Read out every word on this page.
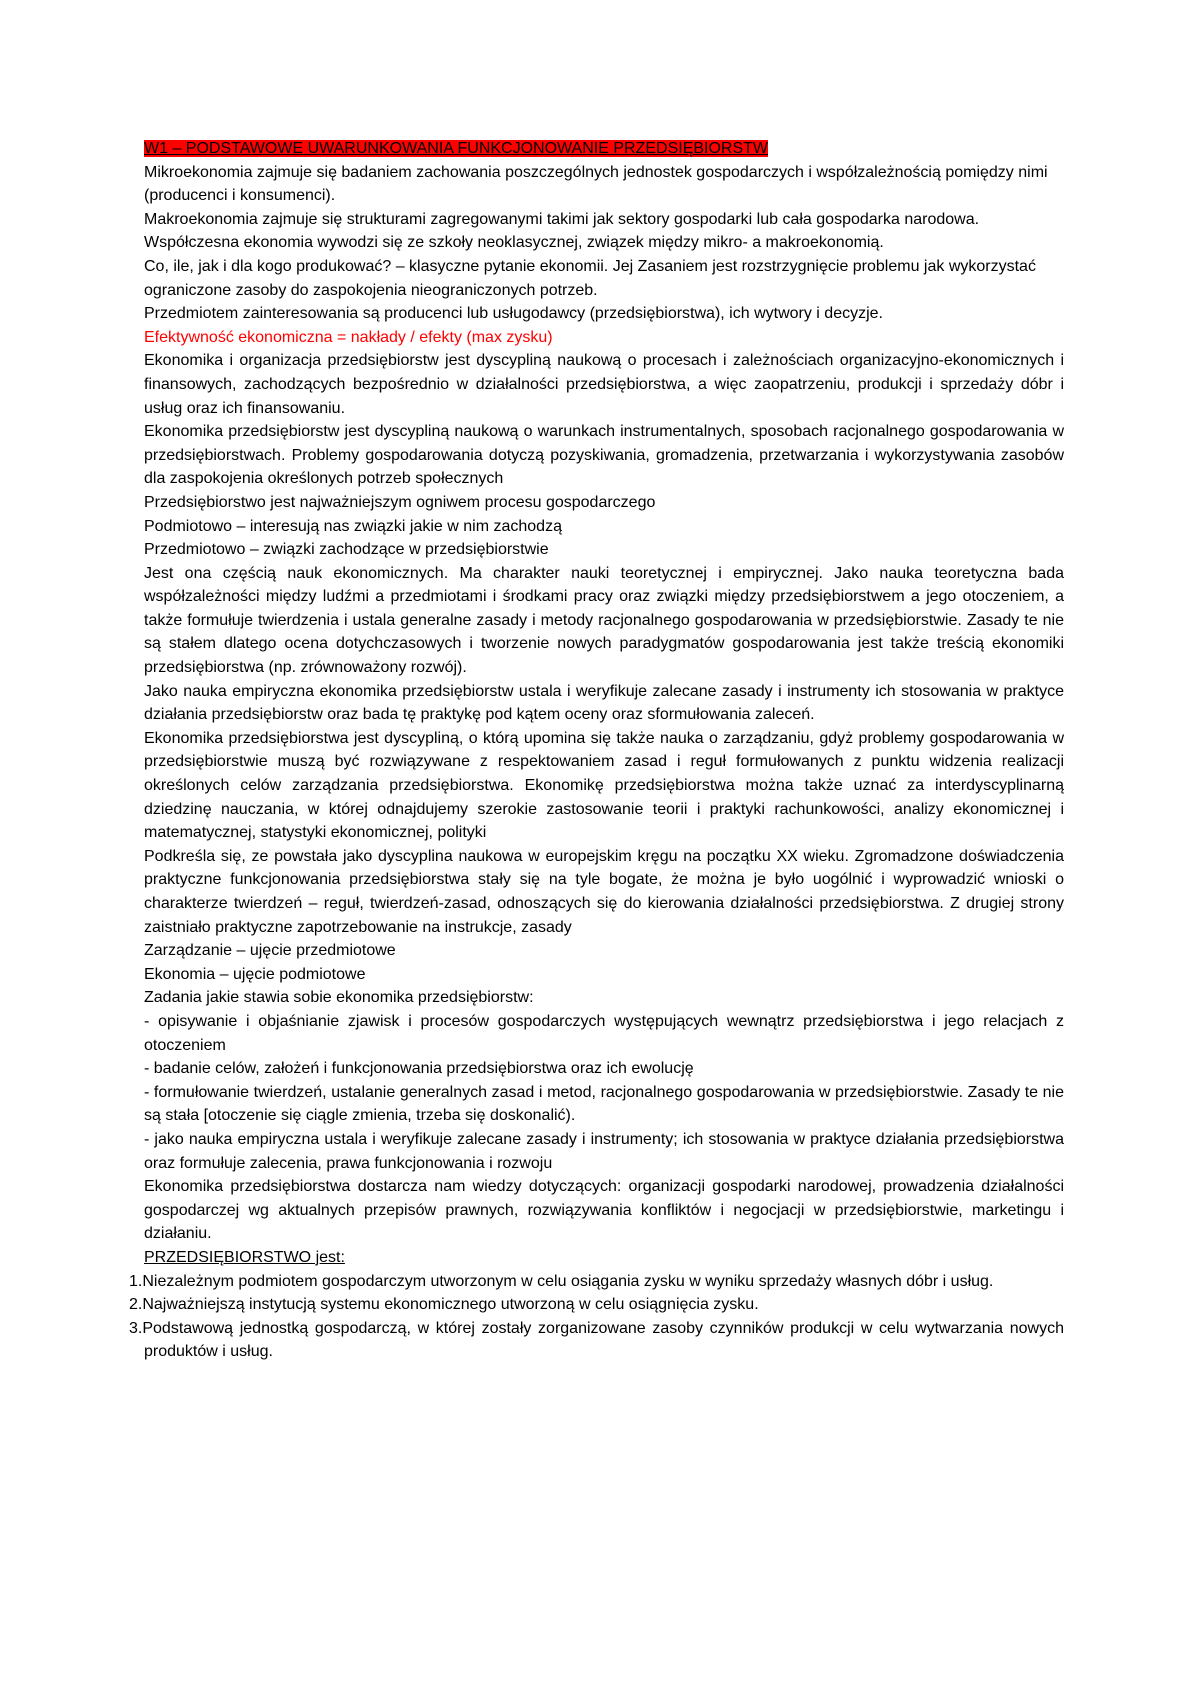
W1 – PODSTAWOWE UWARUNKOWANIA FUNKCJONOWANIE PRZEDSIĘBIORSTW

Mikroekonomia zajmuje się badaniem zachowania poszczególnych jednostek gospodarczych i współzależnością pomiędzy nimi (producenci i konsumenci).

Makroekonomia zajmuje się strukturami zagregowanymi takimi jak sektory gospodarki lub cała gospodarka narodowa.

Współczesna ekonomia wywodzi się ze szkoły neoklasycznej, związek między mikro- a makroekonomią.

Co, ile, jak i dla kogo produkować? – klasyczne pytanie ekonomii. Jej Zasaniem jest rozstrzygnięcie problemu jak wykorzystać ograniczone zasoby do zaspokojenia nieograniczonych potrzeb.

Przedmiotem zainteresowania są producenci lub usługodawcy (przedsiębiorstwa), ich wytwory i decyzje.

Efektywność ekonomiczna = nakłady / efekty (max zysku)

Ekonomika i organizacja przedsiębiorstw jest dyscypliną naukową o procesach i zależnościach organizacyjno-ekonomicznych i finansowych, zachodzących bezpośrednio w działalności przedsiębiorstwa, a więc zaopatrzeniu, produkcji i sprzedaży dóbr i usług oraz ich finansowaniu.

Ekonomika przedsiębiorstw jest dyscypliną naukową o warunkach instrumentalnych, sposobach racjonalnego gospodarowania w przedsiębiorstwach. Problemy gospodarowania dotyczą pozyskiwania, gromadzenia, przetwarzania i wykorzystywania zasobów dla zaspokojenia określonych potrzeb społecznych

Przedsiębiorstwo jest najważniejszym ogniwem procesu gospodarczego

Podmiotowo – interesują nas związki jakie w nim zachodzą

Przedmiotowo – związki zachodzące w przedsiębiorstwie

Jest ona częścią nauk ekonomicznych. Ma charakter nauki teoretycznej i empirycznej. Jako nauka teoretyczna bada współzależności między ludźmi a przedmiotami i środkami pracy oraz związki między przedsiębiorstwem a jego otoczeniem, a także formułuje twierdzenia i ustala generalne zasady i metody racjonalnego gospodarowania w przedsiębiorstwie. Zasady te nie są stałem dlatego ocena dotychczasowych i tworzenie nowych paradygmatów gospodarowania jest także treścią ekonomiki przedsiębiorstwa (np. zrównoważony rozwój).

Jako nauka empiryczna ekonomika przedsiębiorstw ustala i weryfikuje zalecane zasady i instrumenty ich stosowania w praktyce działania przedsiębiorstw oraz bada tę praktykę pod kątem oceny oraz sformułowania zaleceń.

Ekonomika przedsiębiorstwa jest dyscypliną, o którą upomina się także nauka o zarządzaniu, gdyż problemy gospodarowania w przedsiębiorstwie muszą być rozwiązywane z respektowaniem zasad i reguł formułowanych z punktu widzenia realizacji określonych celów zarządzania przedsiębiorstwa. Ekonomikę przedsiębiorstwa można także uznać za interdyscyplinarną dziedzinę nauczania, w której odnajdujemy szerokie zastosowanie teorii i praktyki rachunkowości, analizy ekonomicznej i matematycznej, statystyki ekonomicznej, polityki

Podkreśla się, ze powstała jako dyscyplina naukowa w europejskim kręgu na początku XX wieku. Zgromadzone doświadczenia praktyczne funkcjonowania przedsiębiorstwa stały się na tyle bogate, że można je było uogólnić i wyprowadzić wnioski o charakterze twierdzeń – reguł, twierdzeń-zasad, odnoszących się do kierowania działalności przedsiębiorstwa. Z drugiej strony zaistniało praktyczne zapotrzebowanie na instrukcje, zasady

Zarządzanie – ujęcie przedmiotowe

Ekonomia – ujęcie podmiotowe

Zadania jakie stawia sobie ekonomika przedsiębiorstw:

- opisywanie i objaśnianie zjawisk i procesów gospodarczych występujących wewnątrz przedsiębiorstwa i jego relacjach z otoczeniem

- badanie celów, założeń i funkcjonowania przedsiębiorstwa oraz ich ewolucję

- formułowanie twierdzeń, ustalanie generalnych zasad i metod, racjonalnego gospodarowania w przedsiębiorstwie. Zasady te nie są stała [otoczenie się ciągle zmienia, trzeba się doskonalić).

- jako nauka empiryczna ustala i weryfikuje zalecane zasady i instrumenty; ich stosowania w praktyce działania przedsiębiorstwa oraz formułuje zalecenia, prawa funkcjonowania i rozwoju

Ekonomika przedsiębiorstwa dostarcza nam wiedzy dotyczących: organizacji gospodarki narodowej, prowadzenia działalności gospodarczej wg aktualnych przepisów prawnych, rozwiązywania konfliktów i negocjacji w przedsiębiorstwie, marketingu i działaniu.

PRZEDSIĘBIORSTWO jest:

1.Niezależnym podmiotem gospodarczym utworzonym w celu osiągania zysku w wyniku sprzedaży własnych dóbr i usług.

2.Najważniejszą instytucją systemu ekonomicznego utworzoną w celu osiągnięcia zysku.

3.Podstawową jednostką gospodarczą, w której zostały zorganizowane zasoby czynników produkcji w celu wytwarzania nowych produktów i usług.
